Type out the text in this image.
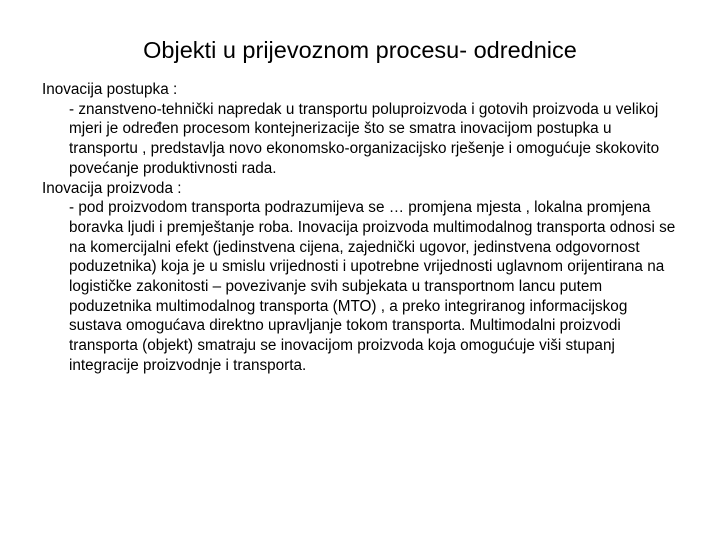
Objekti u prijevoznom procesu- odrednice

Inovacija postupka :

- znanstveno-tehnički napredak u transportu poluproizvoda i gotovih proizvoda u velikoj mjeri je određen procesom kontejnerizacije što se smatra inovacijom postupka u transportu , predstavlja novo ekonomsko-organizacijsko rješenje i omogućuje skokovito povećanje produktivnosti rada.

Inovacija proizvoda :

- pod proizvodom transporta podrazumijeva se … promjena mjesta , lokalna promjena boravka ljudi i premještanje roba. Inovacija proizvoda multimodalnog transporta odnosi se na komercijalni efekt (jedinstvena cijena, zajednički ugovor, jedinstvena odgovornost poduzetnika) koja je u smislu vrijednosti i upotrebne vrijednosti uglavnom orijentirana na logističke zakonitosti – povezivanje svih subjekata u transportnom lancu putem poduzetnika multimodalnog transporta (MTO) , a preko integriranog informacijskog sustava omogućava direktno upravljanje tokom transporta. Multimodalni proizvodi transporta (objekt) smatraju se inovacijom proizvoda koja omogućuje viši stupanj integracije proizvodnje i transporta.
